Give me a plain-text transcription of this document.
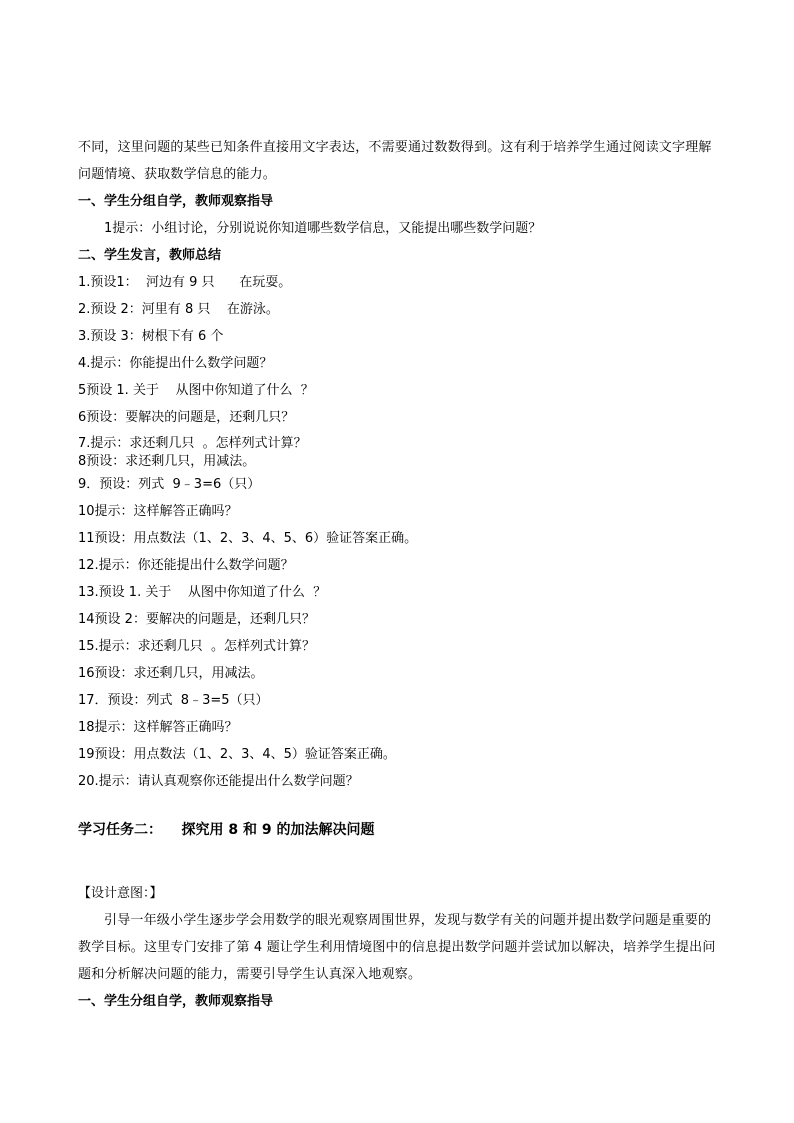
不同，这里问题的某些已知条件直接用文字表达，不需要通过数数得到。这有利于培养学生通过阅读文字理解问题情境、获取数学信息的能力。

一、学生分组自学，教师观察指导

1提示：小组讨论，分别说说你知道哪些数学信息，又能提出哪些数学问题？

二、学生发言，教师总结

1.预设1：  河边有 9 只      在玩耍。
2.预设 2：河里有 8 只    在游泳。
3.预设 3：树根下有 6 个
4.提示：你能提出什么数学问题？
5预设 1. 关于    从图中你知道了什么  ？
6预设：要解决的问题是，还剩几只？
7.提示：求还剩几只  。怎样列式计算？
8预设：求还剩几只，用减法。
9．预设：列式  9﹣3=6（只）
10提示：这样解答正确吗？
11预设：用点数法（1、2、3、4、5、6）验证答案正确。
12.提示：你还能提出什么数学问题？
13.预设 1. 关于    从图中你知道了什么  ？
14预设 2：要解决的问题是，还剩几只？
15.提示：求还剩几只  。怎样列式计算？
16预设：求还剩几只，用减法。
17．预设：列式  8﹣3=5（只）
18提示：这样解答正确吗？
19预设：用点数法（1、2、3、4、5）验证答案正确。
20.提示：请认真观察你还能提出什么数学问题？

学习任务二：    探究用 8 和 9 的加法解决问题

【设计意图：】

引导一年级小学生逐步学会用数学的眼光观察周围世界，发现与数学有关的问题并提出数学问题是重要的教学目标。这里专门安排了第 4 题让学生利用情境图中的信息提出数学问题并尝试加以解决，培养学生提出问题和分析解决问题的能力，需要引导学生认真深入地观察。

一、学生分组自学，教师观察指导
